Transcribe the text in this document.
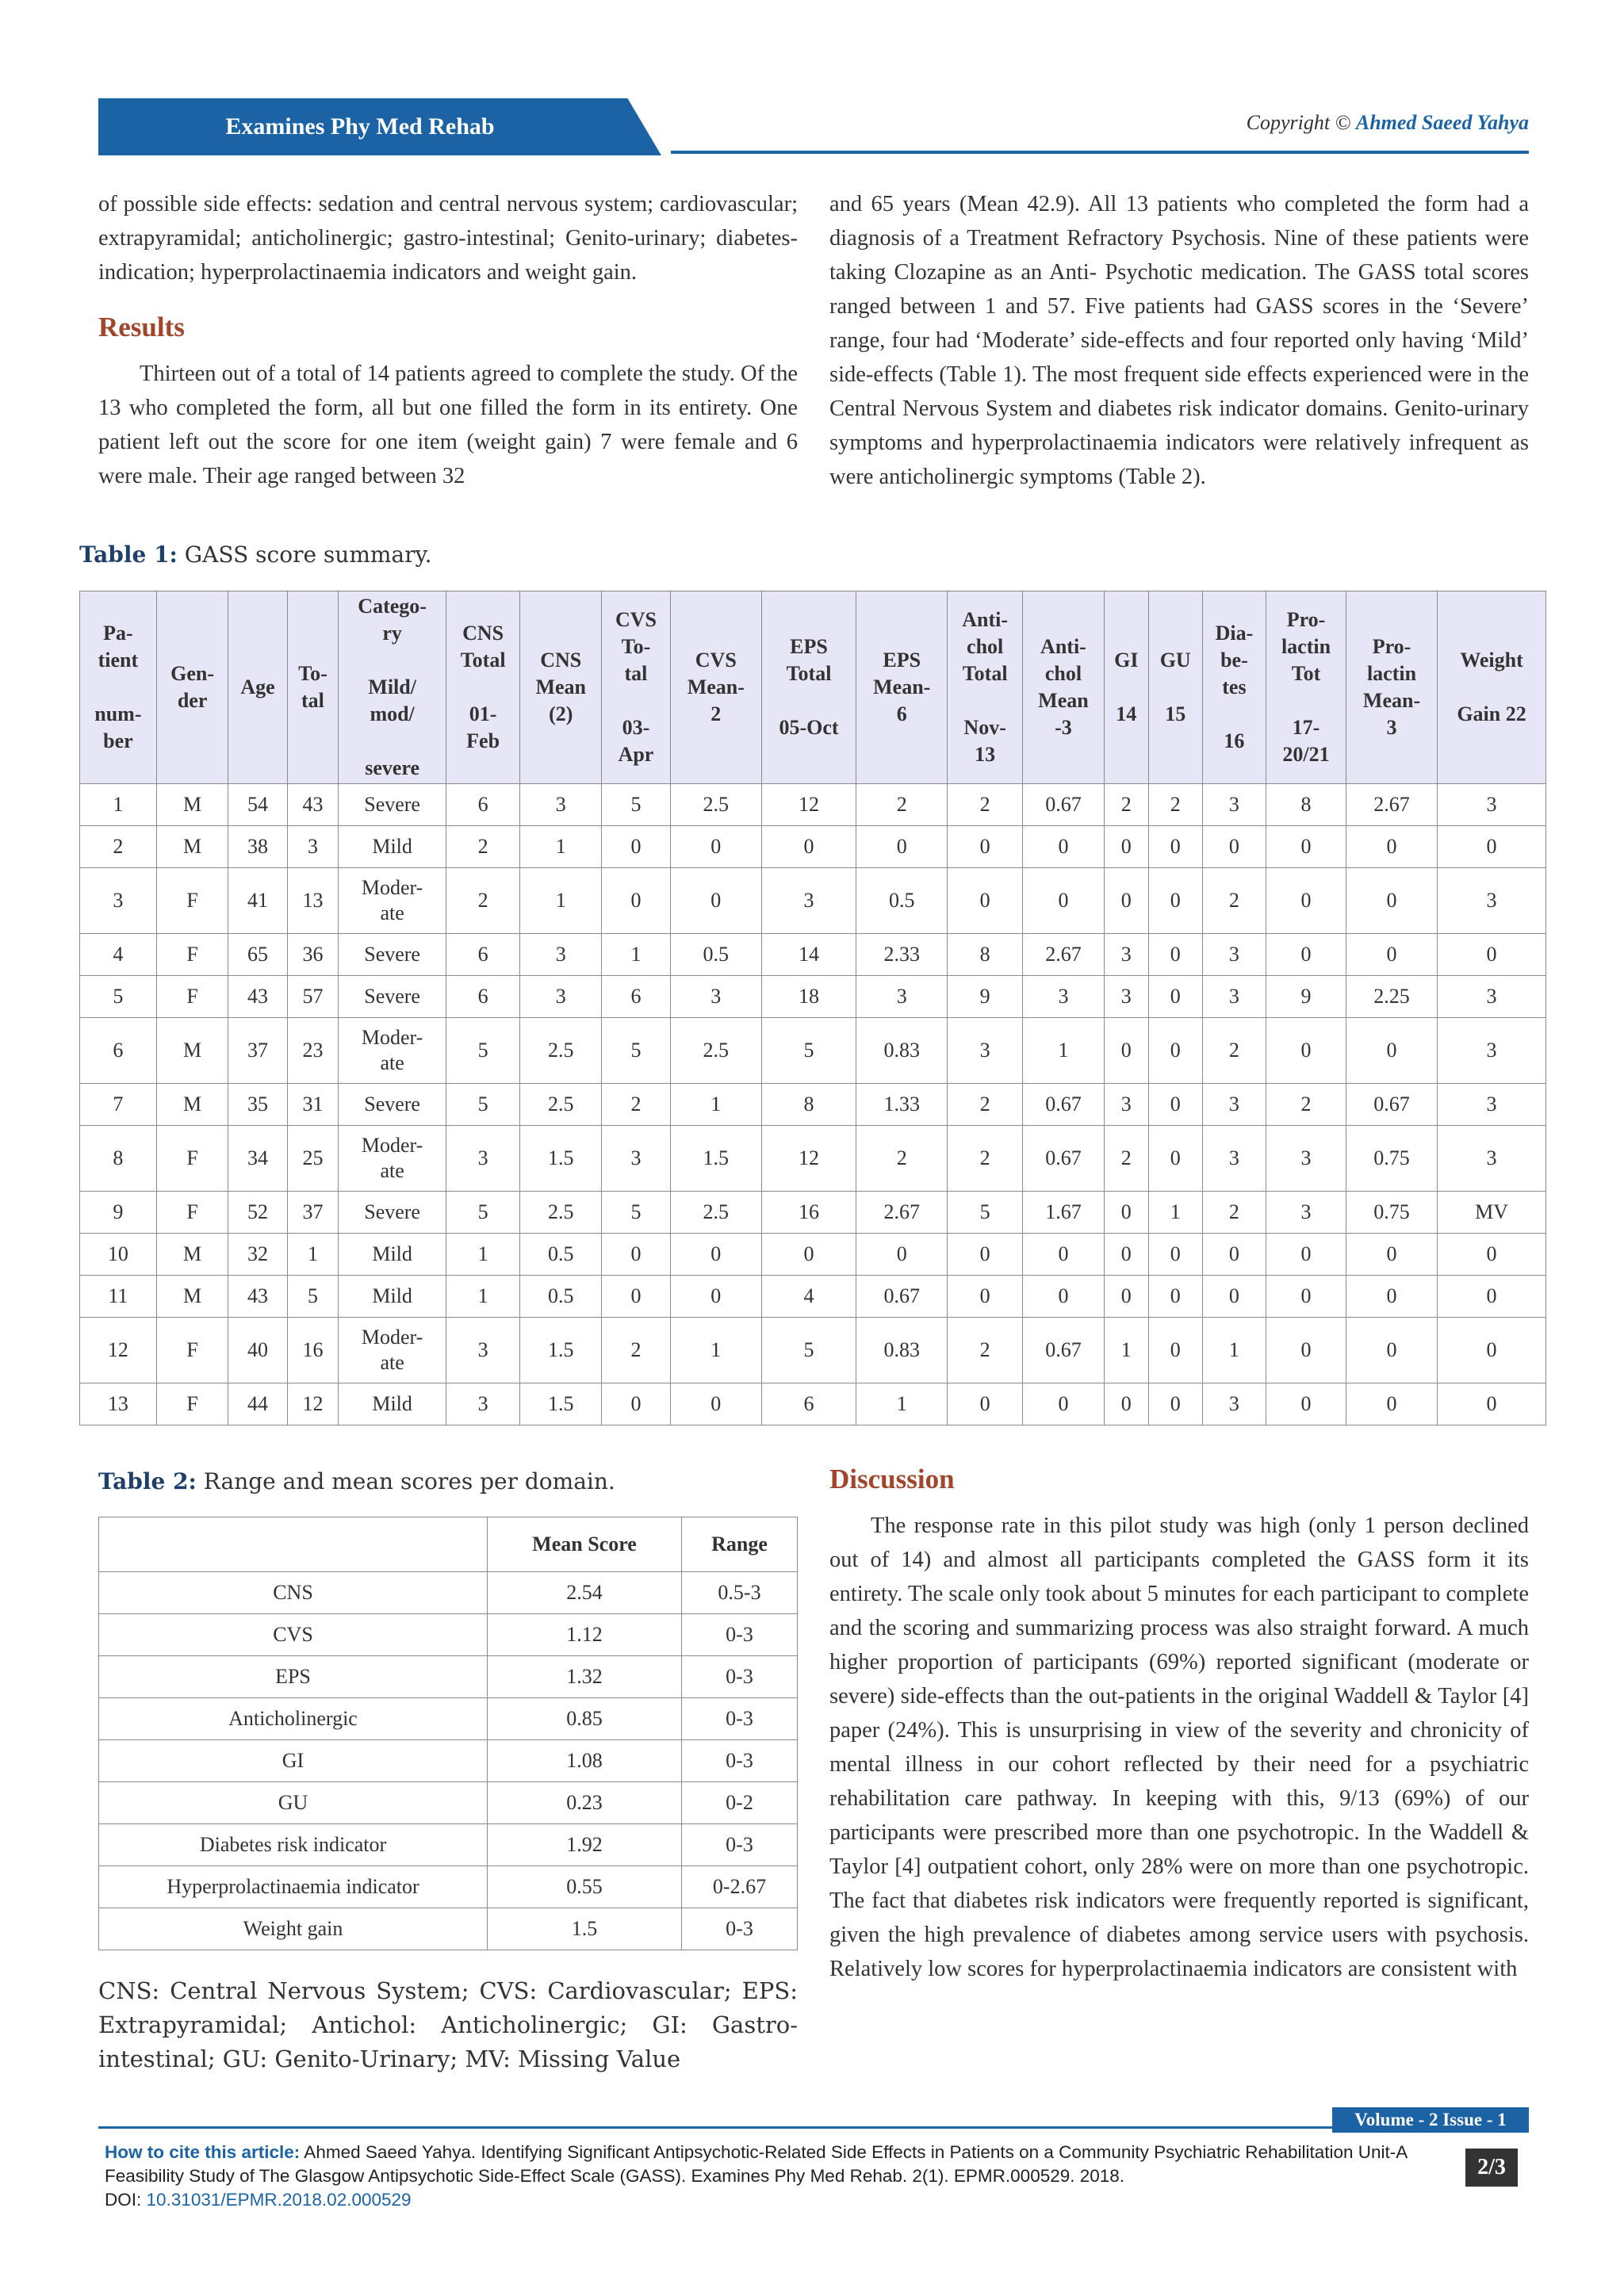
Examines Phy Med Rehab	Copyright © Ahmed Saeed Yahya

of possible side effects: sedation and central nervous system; cardiovascular; extrapyramidal; anticholinergic; gastro-intestinal; Genito-urinary; diabetes-indication; hyperprolactinaemia indicators and weight gain.

Results

Thirteen out of a total of 14 patients agreed to complete the study. Of the 13 who completed the form, all but one filled the form in its entirety. One patient left out the score for one item (weight gain) 7 were female and 6 were male. Their age ranged between 32

and 65 years (Mean 42.9). All 13 patients who completed the form had a diagnosis of a Treatment Refractory Psychosis. Nine of these patients were taking Clozapine as an Anti- Psychotic medication. The GASS total scores ranged between 1 and 57. Five patients had GASS scores in the ‘Severe’ range, four had ‘Moderate’ side-effects and four reported only having ‘Mild’ side-effects (Table 1). The most frequent side effects experienced were in the Central Nervous System and diabetes risk indicator domains. Genito-urinary symptoms and hyperprolactinaemia indicators were relatively infrequent as were anticholinergic symptoms (Table 2).

Table 1: GASS score summary.
Pa-
tient

num-
ber	Gen-
der	Age	To-
tal	Catego-
ry

Mild/
mod/

severe	CNS
Total

01-
Feb	CNS
Mean
(2)	CVS
To-
tal

03-
Apr	CVS
Mean-
2	EPS
Total

05-Oct	EPS
Mean-
6	Anti-
chol
Total

Nov-
13	Anti-
chol
Mean
-3	GI

14	GU

15	Dia-
be-
tes

16	Pro-
lactin
Tot

17-
20/21	Pro-
lactin
Mean-
3	Weight

Gain 22
1	M	54	43	Severe	6	3	5	2.5	12	2	2	0.67	2	2	3	8	2.67	3
2	M	38	3	Mild	2	1	0	0	0	0	0	0	0	0	0	0	0	0
3	F	41	13	Moder-
ate	2	1	0	0	3	0.5	0	0	0	0	2	0	0	3
4	F	65	36	Severe	6	3	1	0.5	14	2.33	8	2.67	3	0	3	0	0	0
5	F	43	57	Severe	6	3	6	3	18	3	9	3	3	0	3	9	2.25	3
6	M	37	23	Moder-
ate	5	2.5	5	2.5	5	0.83	3	1	0	0	2	0	0	3
7	M	35	31	Severe	5	2.5	2	1	8	1.33	2	0.67	3	0	3	2	0.67	3
8	F	34	25	Moder-
ate	3	1.5	3	1.5	12	2	2	0.67	2	0	3	3	0.75	3
9	F	52	37	Severe	5	2.5	5	2.5	16	2.67	5	1.67	0	1	2	3	0.75	MV
10	M	32	1	Mild	1	0.5	0	0	0	0	0	0	0	0	0	0	0	0
11	M	43	5	Mild	1	0.5	0	0	4	0.67	0	0	0	0	0	0	0	0
12	F	40	16	Moder-
ate	3	1.5	2	1	5	0.83	2	0.67	1	0	1	0	0	0
13	F	44	12	Mild	3	1.5	0	0	6	1	0	0	0	0	3	0	0	0
Table 2: Range and mean scores per domain.
	Mean Score	Range
CNS	2.54	0.5-3
CVS	1.12	0-3
EPS	1.32	0-3
Anticholinergic	0.85	0-3
GI	1.08	0-3
GU	0.23	0-2
Diabetes risk indicator	1.92	0-3
Hyperprolactinaemia indicator	0.55	0-2.67
Weight gain	1.5	0-3
CNS: Central Nervous System; CVS: Cardiovascular; EPS: Extrapyramidal; Antichol: Anticholinergic; GI: Gastro-intestinal; GU: Genito-Urinary; MV: Missing Value
Discussion

The response rate in this pilot study was high (only 1 person declined out of 14) and almost all participants completed the GASS form it its entirety. The scale only took about 5 minutes for each participant to complete and the scoring and summarizing process was also straight forward. A much higher proportion of participants (69%) reported significant (moderate or severe) side-effects than the out-patients in the original Waddell & Taylor [4] paper (24%). This is unsurprising in view of the severity and chronicity of mental illness in our cohort reflected by their need for a psychiatric rehabilitation care pathway. In keeping with this, 9/13 (69%) of our participants were prescribed more than one psychotropic. In the Waddell & Taylor [4] outpatient cohort, only 28% were on more than one psychotropic. The fact that diabetes risk indicators were frequently reported is significant, given the high prevalence of diabetes among service users with psychosis. Relatively low scores for hyperprolactinaemia indicators are consistent with

Volume - 2 Issue - 1
How to cite this article: Ahmed Saeed Yahya. Identifying Significant Antipsychotic-Related Side Effects in Patients on a Community Psychiatric Rehabilitation Unit-A Feasibility Study of The Glasgow Antipsychotic Side-Effect Scale (GASS). Examines Phy Med Rehab. 2(1). EPMR.000529. 2018.
DOI: 10.31031/EPMR.2018.02.000529
2/3
